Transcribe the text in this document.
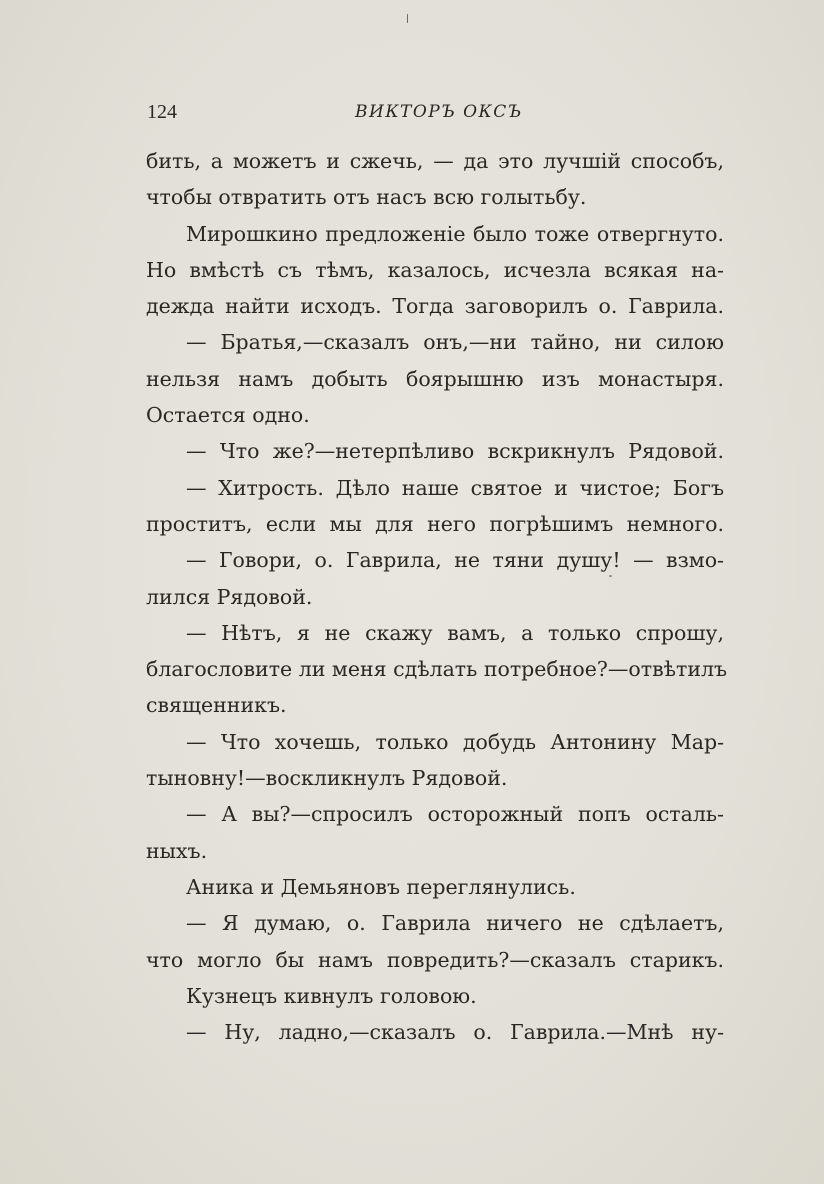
124	ВИКТОРЪ ОКСЪ
бить, а можетъ и сжечь, — да это лучшій способъ,
чтобы отвратить отъ насъ всю голытьбу.
Мирошкино предложеніе было тоже отвергнуто.
Но вмѣстѣ съ тѣмъ, казалось, исчезла всякая на-
дежда найти исходъ. Тогда заговорилъ о. Гаврила.
— Братья,—сказалъ онъ,—ни тайно, ни силою
нельзя намъ добыть боярышню изъ монастыря.
Остается одно.
— Что же?—нетерпѣливо вскрикнулъ Рядовой.
— Хитрость. Дѣло наше святое и чистое; Богъ
проститъ, если мы для него погрѣшимъ немного.
— Говори, о. Гаврила, не тяни душу! — взмо-
лился Рядовой.
— Нѣтъ, я не скажу вамъ, а только спрошу,
благословите ли меня сдѣлать потребное?—отвѣтилъ
священникъ.
— Что хочешь, только добудь Антонину Мар-
тыновну!—воскликнулъ Рядовой.
— А вы?—спросилъ осторожный попъ осталь-
ныхъ.
Аника и Демьяновъ переглянулись.
— Я думаю, о. Гаврила ничего не сдѣлаетъ,
что могло бы намъ повредить?—сказалъ старикъ.
Кузнецъ кивнулъ головою.
— Ну, ладно,—сказалъ о. Гаврила.—Мнѣ ну-
